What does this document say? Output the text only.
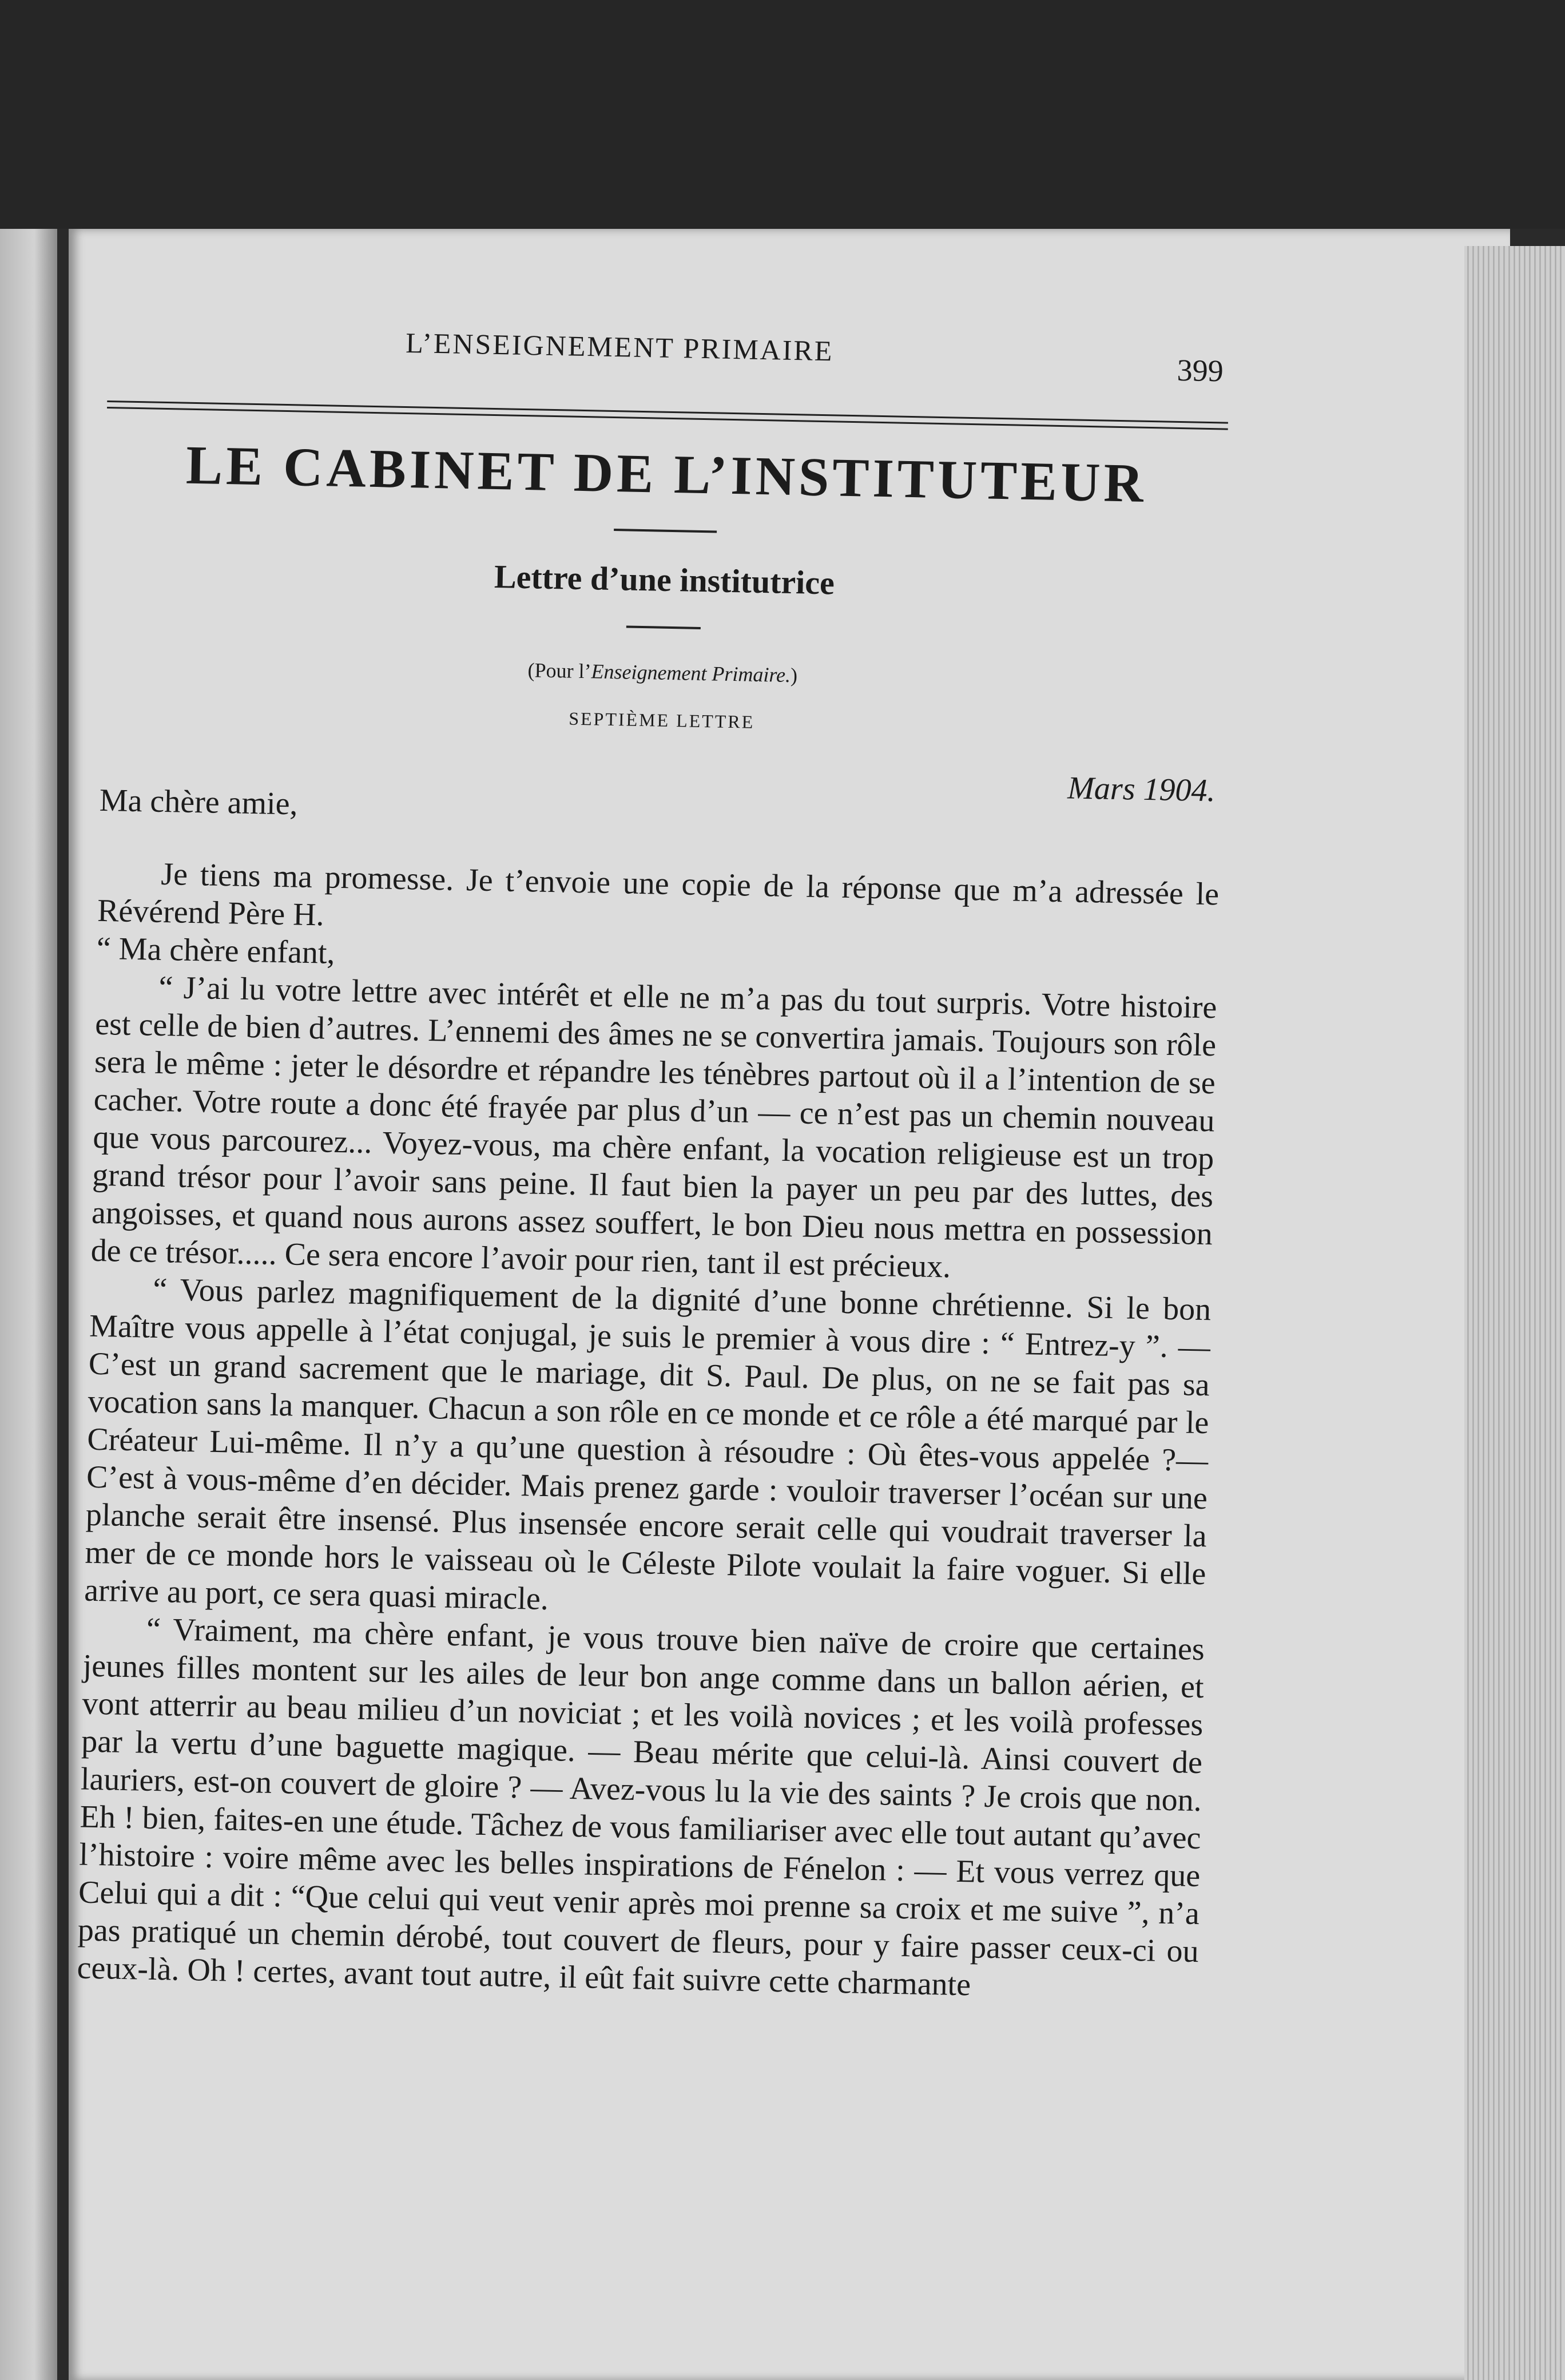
L’ENSEIGNEMENT PRIMAIRE
399
LE CABINET DE L’INSTITUTEUR
Lettre d’une institutrice
(Pour l’Enseignement Primaire.)
SEPTIÈME LETTRE
Mars 1904.
Ma chère amie,

Je tiens ma promesse. Je t’envoie une copie de la réponse que m’a adressée le Révérend Père H.

“ Ma chère enfant,

“ J’ai lu votre lettre avec intérêt et elle ne m’a pas du tout surpris. Votre histoire est celle de bien d’autres. L’ennemi des âmes ne se convertira jamais. Toujours son rôle sera le même : jeter le désordre et répandre les ténèbres partout où il a l’intention de se cacher. Votre route a donc été frayée par plus d’un — ce n’est pas un chemin nouveau que vous parcourez... Voyez-vous, ma chère enfant, la vocation religieuse est un trop grand trésor pour l’avoir sans peine. Il faut bien la payer un peu par des luttes, des angoisses, et quand nous aurons assez souffert, le bon Dieu nous mettra en possession de ce trésor..... Ce sera encore l’avoir pour rien, tant il est précieux.

“ Vous parlez magnifiquement de la dignité d’une bonne chrétienne. Si le bon Maître vous appelle à l’état conjugal, je suis le premier à vous dire : “ Entrez-y ”. — C’est un grand sacrement que le mariage, dit S. Paul. De plus, on ne se fait pas sa vocation sans la manquer. Chacun a son rôle en ce monde et ce rôle a été marqué par le Créateur Lui-même. Il n’y a qu’une question à résoudre : Où êtes-vous appelée ?— C’est à vous-même d’en décider. Mais prenez garde : vouloir traverser l’océan sur une planche serait être insensé. Plus insensée encore serait celle qui voudrait traverser la mer de ce monde hors le vaisseau où le Céleste Pilote voulait la faire voguer. Si elle arrive au port, ce sera quasi miracle.

“ Vraiment, ma chère enfant, je vous trouve bien naïve de croire que certaines jeunes filles montent sur les ailes de leur bon ange comme dans un ballon aérien, et vont atterrir au beau milieu d’un noviciat ; et les voilà novices ; et les voilà professes par la vertu d’une baguette magique. — Beau mérite que celui-là. Ainsi couvert de lauriers, est-on couvert de gloire ? — Avez-vous lu la vie des saints ? Je crois que non. Eh ! bien, faites-en une étude. Tâchez de vous familiariser avec elle tout autant qu’avec l’histoire : voire même avec les belles inspirations de Fénelon : — Et vous verrez que Celui qui a dit : “Que celui qui veut venir après moi prenne sa croix et me suive ”, n’a pas pratiqué un chemin dérobé, tout couvert de fleurs, pour y faire passer ceux-ci ou ceux-là. Oh ! certes, avant tout autre, il eût fait suivre cette charmante
